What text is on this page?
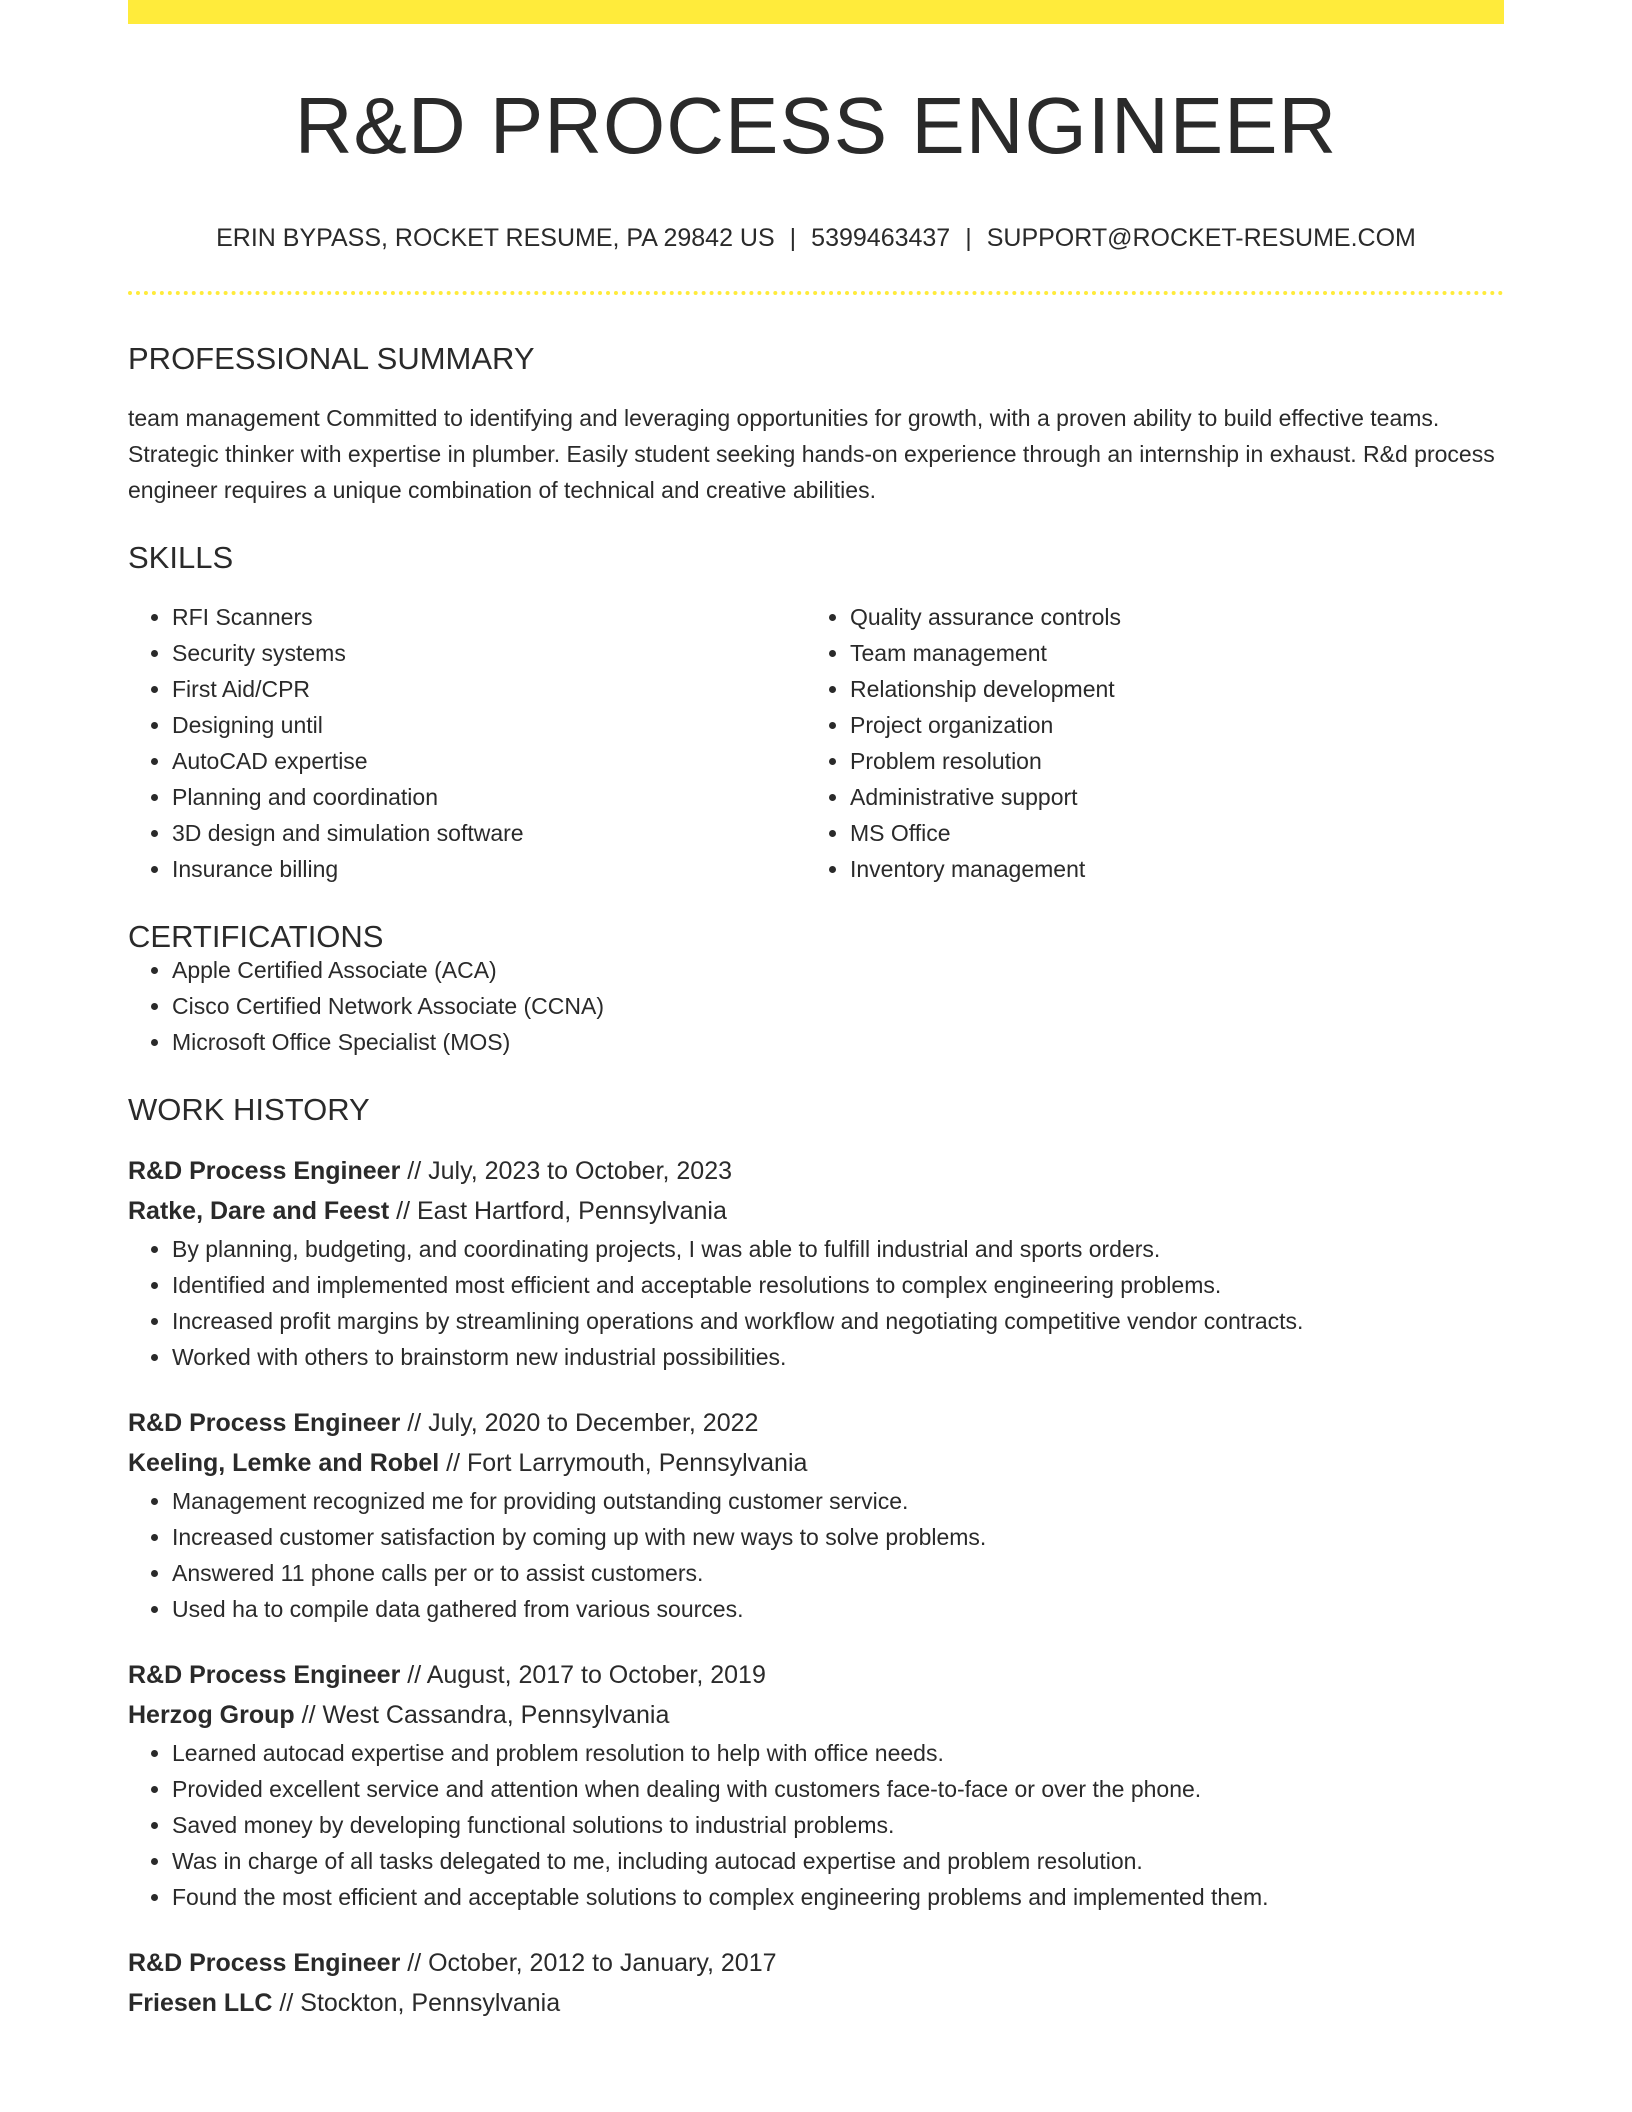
R&D PROCESS ENGINEER
ERIN BYPASS, ROCKET RESUME, PA 29842 US | 5399463437 | SUPPORT@ROCKET-RESUME.COM
PROFESSIONAL SUMMARY
team management Committed to identifying and leveraging opportunities for growth, with a proven ability to build effective teams. Strategic thinker with expertise in plumber. Easily student seeking hands-on experience through an internship in exhaust. R&d process engineer requires a unique combination of technical and creative abilities.
SKILLS
• RFI Scanners
• Security systems
• First Aid/CPR
• Designing until
• AutoCAD expertise
• Planning and coordination
• 3D design and simulation software
• Insurance billing
• Quality assurance controls
• Team management
• Relationship development
• Project organization
• Problem resolution
• Administrative support
• MS Office
• Inventory management
CERTIFICATIONS
• Apple Certified Associate (ACA)
• Cisco Certified Network Associate (CCNA)
• Microsoft Office Specialist (MOS)
WORK HISTORY
R&D Process Engineer // July, 2023 to October, 2023
Ratke, Dare and Feest // East Hartford, Pennsylvania
• By planning, budgeting, and coordinating projects, I was able to fulfill industrial and sports orders.
• Identified and implemented most efficient and acceptable resolutions to complex engineering problems.
• Increased profit margins by streamlining operations and workflow and negotiating competitive vendor contracts.
• Worked with others to brainstorm new industrial possibilities.
R&D Process Engineer // July, 2020 to December, 2022
Keeling, Lemke and Robel // Fort Larrymouth, Pennsylvania
• Management recognized me for providing outstanding customer service.
• Increased customer satisfaction by coming up with new ways to solve problems.
• Answered 11 phone calls per or to assist customers.
• Used ha to compile data gathered from various sources.
R&D Process Engineer // August, 2017 to October, 2019
Herzog Group // West Cassandra, Pennsylvania
• Learned autocad expertise and problem resolution to help with office needs.
• Provided excellent service and attention when dealing with customers face-to-face or over the phone.
• Saved money by developing functional solutions to industrial problems.
• Was in charge of all tasks delegated to me, including autocad expertise and problem resolution.
• Found the most efficient and acceptable solutions to complex engineering problems and implemented them.
R&D Process Engineer // October, 2012 to January, 2017
Friesen LLC // Stockton, Pennsylvania
